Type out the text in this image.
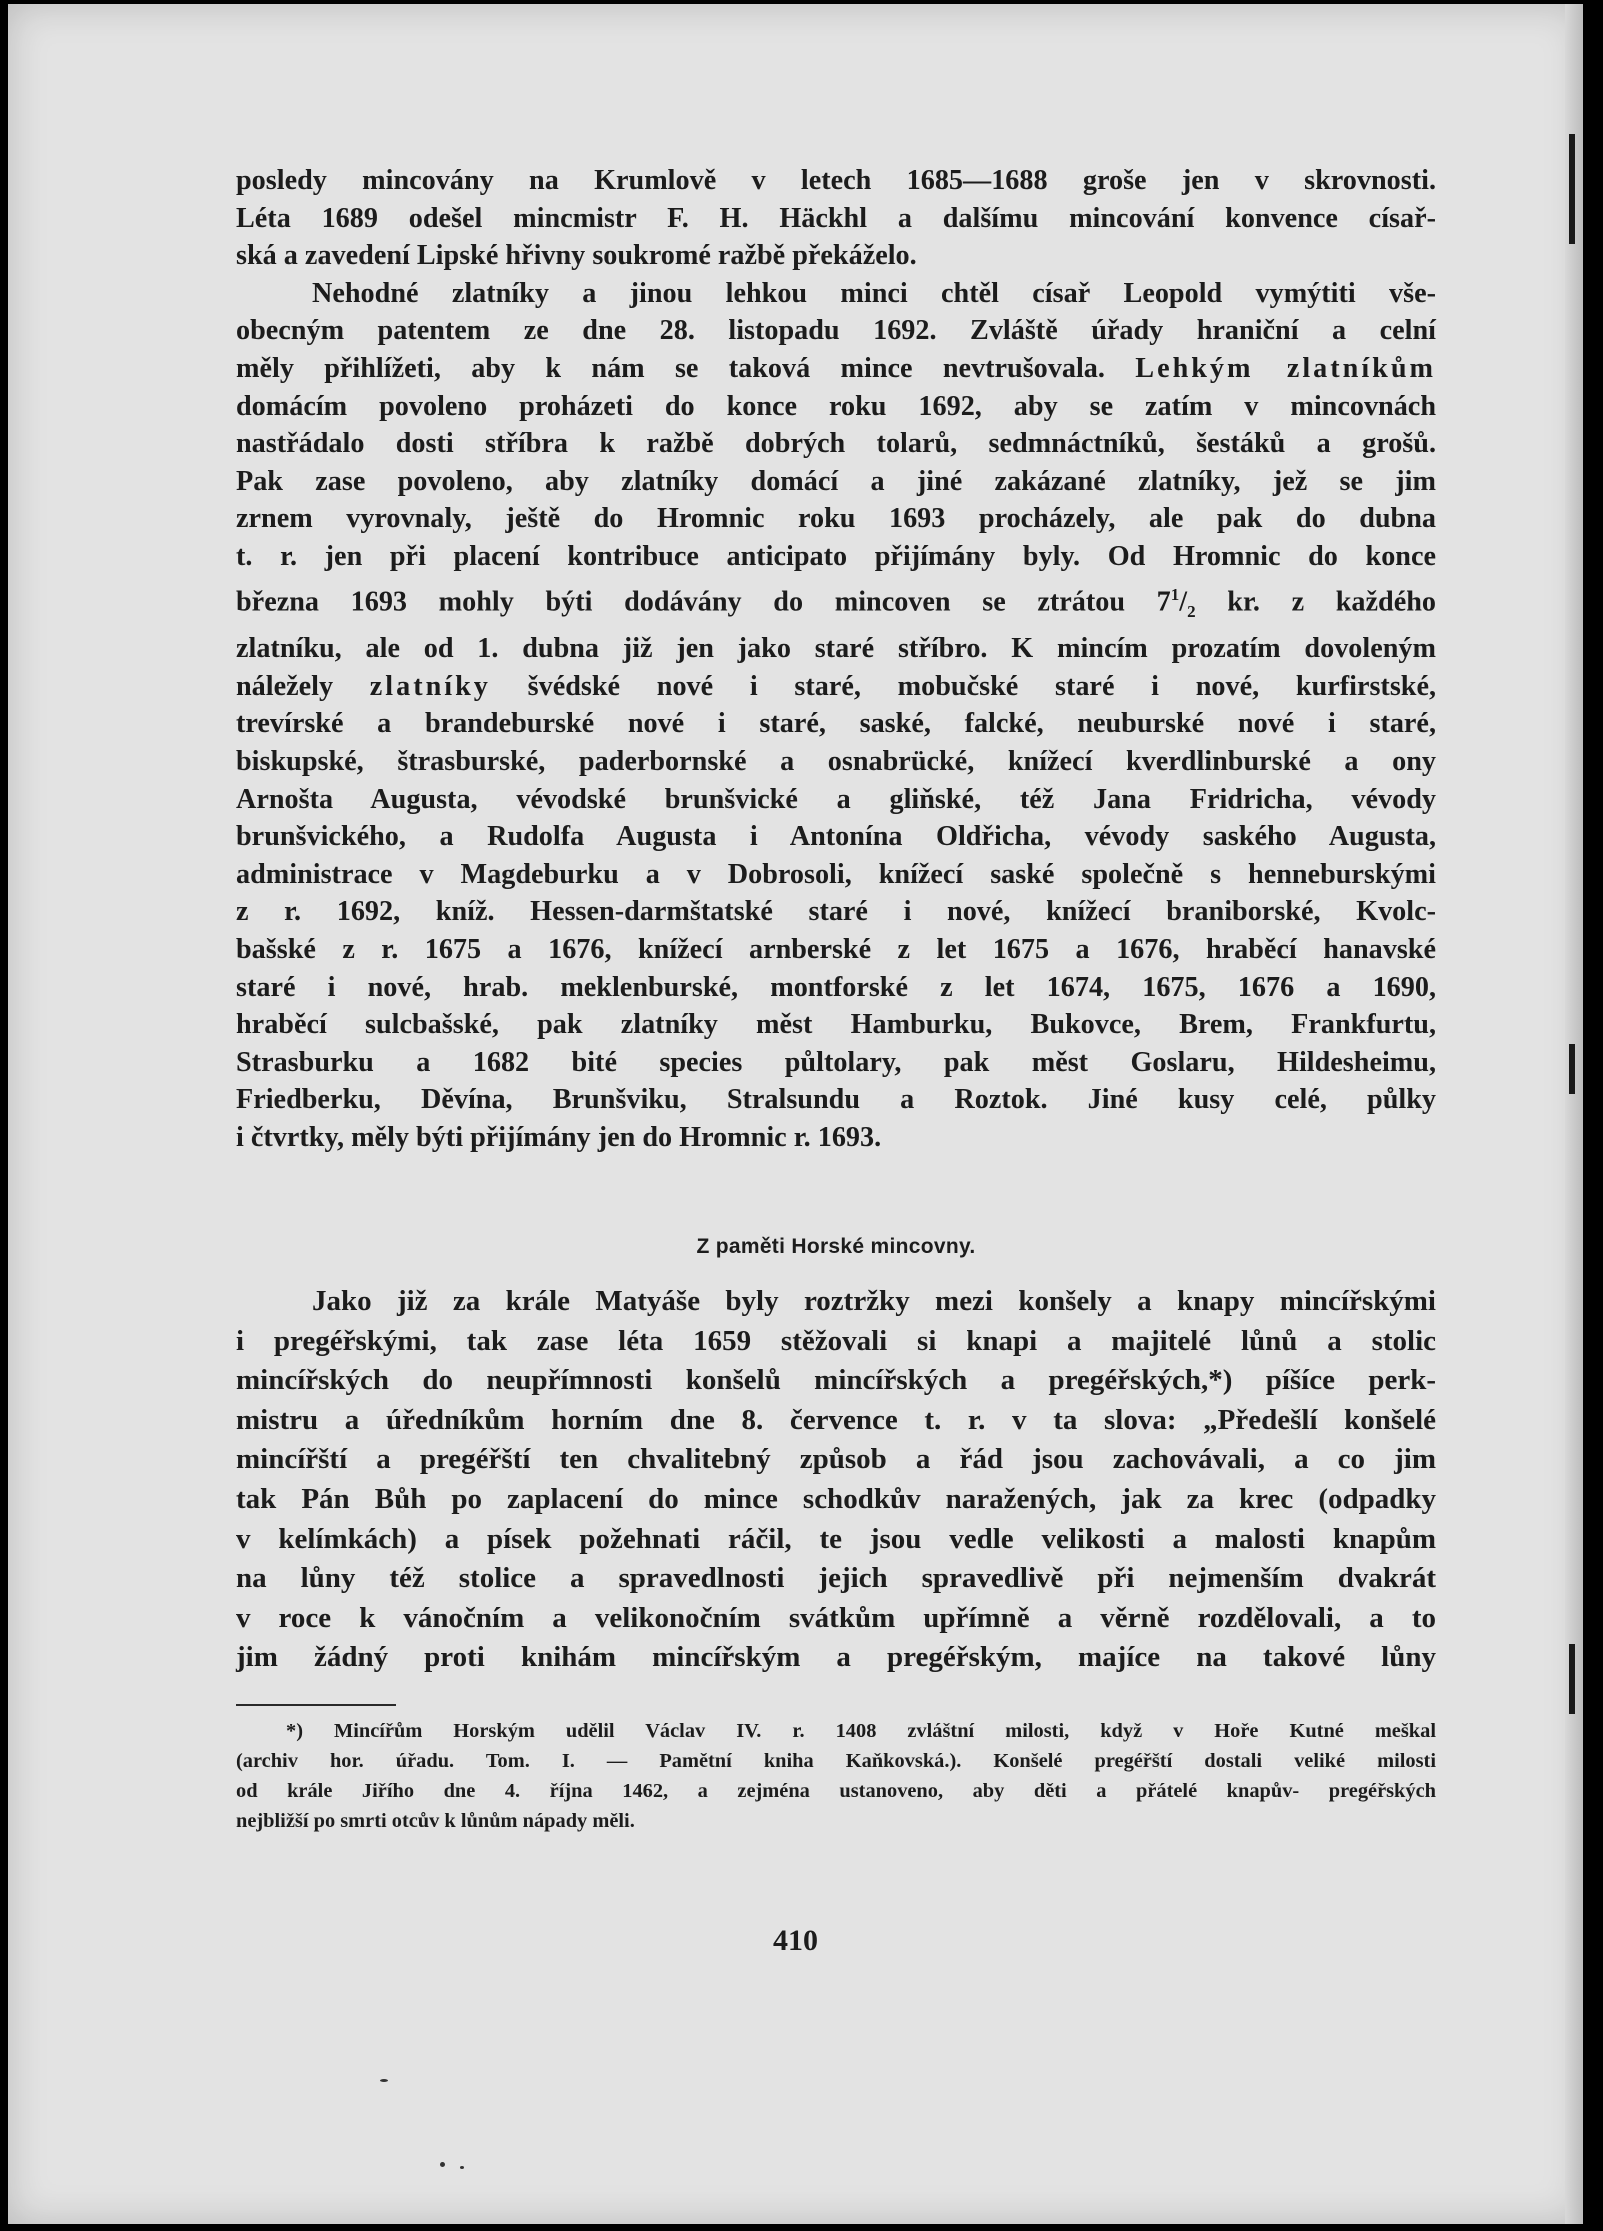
posledy mincovány na Krumlově v letech 1685—1688 groše jen v skrovnosti.

Léta 1689 odešel mincmistr F. H. Häckhl a dalšímu mincování konvence císař-

ská a zavedení Lipské hřivny soukromé ražbě překáželo.

Nehodné zlatníky a jinou lehkou minci chtěl císař Leopold vymýtiti vše-

obecným patentem ze dne 28. listopadu 1692. Zvláště úřady hraniční a celní

měly přihlížeti, aby k nám se taková mince nevtrušovala. Lehkým zlatníkům

domácím povoleno proházeti do konce roku 1692, aby se zatím v mincovnách

nastřádalo dosti stříbra k ražbě dobrých tolarů, sedmnáctníků, šestáků a grošů.

Pak zase povoleno, aby zlatníky domácí a jiné zakázané zlatníky, jež se jim

zrnem vyrovnaly, ještě do Hromnic roku 1693 procházely, ale pak do dubna

t. r. jen při placení kontribuce anticipato přijímány byly. Od Hromnic do konce

března 1693 mohly býti dodávány do mincoven se ztrátou $7^1/_2$ kr. z každého

zlatníku, ale od 1. dubna již jen jako staré stříbro. K mincím prozatím dovoleným

náležely zlatníky švédské nové i staré, mobučské staré i nové, kurfirstské,

trevírské a brandeburské nové i staré, saské, falcké, neuburské nové i staré,

biskupské, štrasburské, paderbornské a osnabrücké, knížecí kverdlinburské a ony

Arnošta Augusta, vévodské brunšvické a gliňské, též Jana Fridricha, vévody

brunšvického, a Rudolfa Augusta i Antonína Oldřicha, vévody saského Augusta,

administrace v Magdeburku a v Dobrosoli, knížecí saské společně s henneburskými

z r. 1692, kníž. Hessen-darmštatské staré i nové, knížecí braniborské, Kvolc-

bašské z r. 1675 a 1676, knížecí arnberské z let 1675 a 1676, hraběcí hanavské

staré i nové, hrab. meklenburské, montforské z let 1674, 1675, 1676 a 1690,

hraběcí sulcbašské, pak zlatníky měst Hamburku, Bukovce, Brem, Frankfurtu,

Strasburku a 1682 bité species půltolary, pak měst Goslaru, Hildesheimu,

Friedberku, Děvína, Brunšviku, Stralsundu a Roztok. Jiné kusy celé, půlky

i čtvrtky, měly býti přijímány jen do Hromnic r. 1693.

Z paměti Horské mincovny.

Jako již za krále Matyáše byly roztržky mezi konšely a knapy mincířskými

i pregéřskými, tak zase léta 1659 stěžovali si knapi a majitelé lůnů a stolic

mincířských do neupřímnosti konšelů mincířských a pregéřských,*) píšíce perk-

mistru a úředníkům horním dne 8. července t. r. v ta slova: „Předešlí konšelé

mincířští a pregéřští ten chvalitebný způsob a řád jsou zachovávali, a co jim

tak Pán Bůh po zaplacení do mince schodkův naražených, jak za krec (odpadky

v kelímkách) a písek požehnati ráčil, te jsou vedle velikosti a malosti knapům

na lůny též stolice a spravedlnosti jejich spravedlivě při nejmenším dvakrát

v roce k vánočním a velikonočním svátkům upřímně a věrně rozdělovali, a to

jim žádný proti knihám mincířským a pregéřským, majíce na takové lůny

*) Mincířům Horským udělil Václav IV. r. 1408 zvláštní milosti, když v Hoře Kutné meškal

(archiv hor. úřadu. Tom. I. — Pamětní kniha Kaňkovská.). Konšelé pregéřští dostali veliké milosti

od krále Jiřího dne 4. října 1462, a zejména ustanoveno, aby děti a přátelé knapův- pregéřských

nejbližší po smrti otcův k lůnům nápady měli.

410
